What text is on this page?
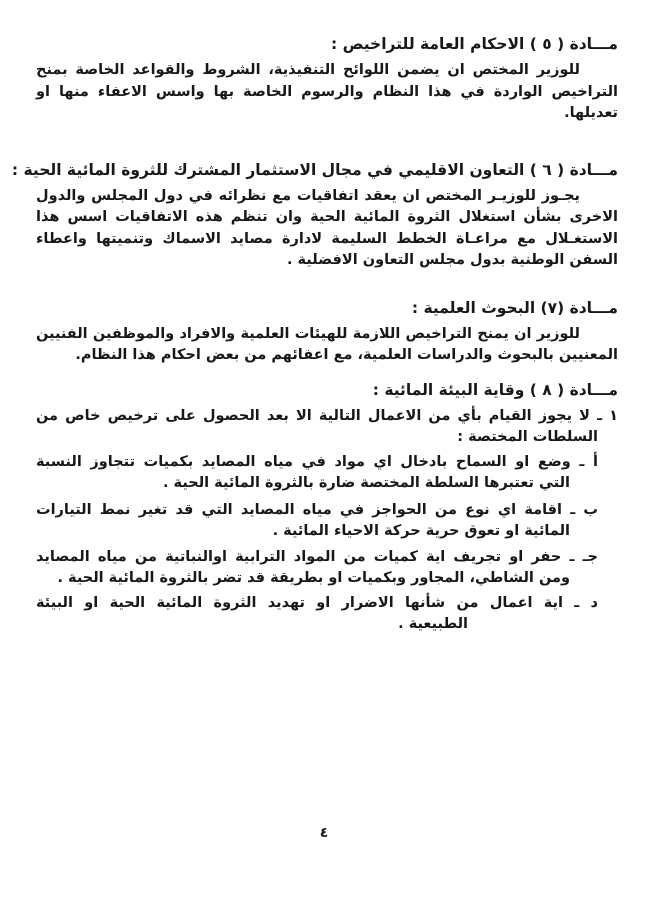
مـــادة ( ٥ ) الاحكام العامة للتراخيص :
للوزير المختص ان يضمن اللوائح التنفيذية، الشروط والقواعد الخاصة بمنح
التراخيص الواردة في هذا النظام والرسوم الخاصة بها واسس الاعفاء منها او
تعديلها.
مـــادة ( ٦ ) التعاون الاقليمي في مجال الاستثمار المشترك للثروة المائية الحية :
يجـوز للوزيـر المختص ان يعقد اتفاقيات مع نظرائه في دول المجلس والدول
الاخرى بشأن استغلال الثروة المائية الحية وان تنظم هذه الاتفاقيات اسس هذا
الاستغـلال مع مراعـاة الخطط السليمة لادارة مصايد الاسماك وتنميتها واعطاء
السفن الوطنية بدول مجلس التعاون الافضلية .
مـــادة (٧) البحوث العلمية :
للوزير ان يمنح التراخيص اللازمة للهيئات العلمية والافراد والموظفين الفنيين
المعنيين بالبحوث والدراسات العلمية، مع اعفائهم من بعض احكام هذا النظام.
مـــادة ( ٨ ) وقاية البيئة المائية :
١ ـ لا يجوز القيام بأي من الاعمال التالية الا بعد الحصول على ترخيص خاص من
السلطات المختصة :
أ ـ وضع او السماح بادخال اي مواد في مياه المصايد بكميات تتجاوز النسبة
التي تعتبرها السلطة المختصة ضارة بالثروة المائية الحية .
ب ـ اقامة اي نوع من الحواجز في مياه المصايد التي قد تغير نمط التيارات
المائية او تعوق حرية حركة الاحياء المائية .
جـ ـ حفر او تجريف اية كميات من المواد الترابية اوالنباتية من مياه المصايد
ومن الشاطي، المجاور وبكميات او بطريقة قد تضر بالثروة المائية الحية .
د ـ اية اعمال من شأنها الاضرار او تهديد الثروة المائية الحية او البيئة
الطبيعية .
٤
